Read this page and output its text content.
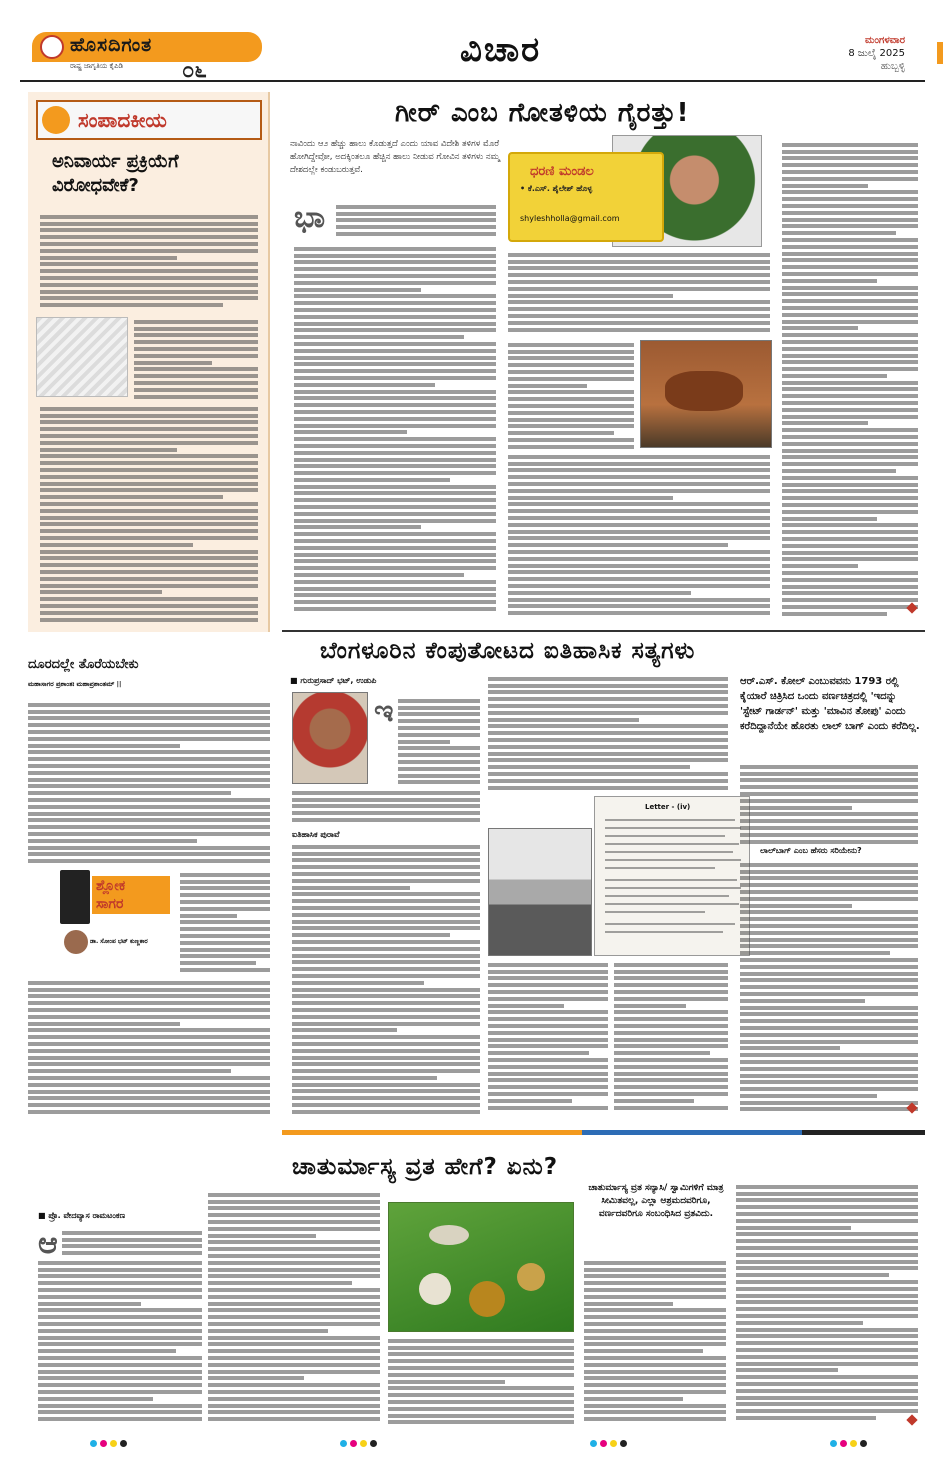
ಹೊಸದಿಗಂತ
ರಾಷ್ಟ್ರ ಜಾಗೃತಿಯ ಕೈಪಿಡಿ	೦೬
ವಿಚಾರ	ಮಂಗಳವಾರ
8 ಜುಲೈ 2025
ಹುಬ್ಬಳ್ಳಿ
ಸಂಪಾದಕೀಯ
ಅನಿವಾರ್ಯ ಪ್ರಕ್ರಿಯೆಗೆ ವಿರೋಧವೇಕೆ?
ಗೀರ್ ಎಂಬ ಗೋತಳಿಯ ಗೈರತ್ತು!
ನಾವಿಂದು ಆ೨ ಹೆಚ್ಚು ಹಾಲು ಕೊಡುತ್ತದೆ ಎಂದು ಯಾವ ವಿದೇಶಿ ತಳಿಗಳ ಮೊರೆ ಹೋಗಿದ್ದೇವೋ, ಅದಕ್ಕಿಂತಲೂ ಹೆಚ್ಚಿನ ಹಾಲು ನೀಡುವ ಗೋವಿನ ತಳಿಗಳು ನಮ್ಮ ದೇಶದಲ್ಲೇ ಕಂಡುಬರುತ್ತವೆ.	ಧರಣಿ ಮಂಡಲ
• ಕೆ.ಎಸ್. ಶೈಲೇಶ್ ಹೊಳ್ಳ
shyleshholla@gmail.com
ಭಾ
ದೂರದಲ್ಲೇ ತೊರೆಯಬೇಕು
ಮಹಾಸಾಗರ ಪ್ರಶಾಂತಃ ಮಹಾಪ್ರಶಾಂತಮ್ ||
ಶ್ಲೋಕ
ಸಾಗರ
ಡಾ. ಸೋಂಪ ಭಟ್ ಕುಣ್ಣಕಾರ
ಬೆಂಗಳೂರಿನ ಕೆಂಪುತೋಟದ ಐತಿಹಾಸಿಕ ಸತ್ಯಗಳು
■ ಗುರುಪ್ರಸಾದ್ ಭಟ್, ಉಡುಪಿ
ಇ
ಐತಿಹಾಸಿಕ ಪುರಾವೆ
Letter - (iv)
ಆರ್.ಎಸ್. ಕೋಲ್ ಎಂಬುವವನು 1793 ರಲ್ಲಿ ಕೈಯಾರೆ ಚಿತ್ರಿಸಿದ ಒಂದು ವರ್ಣಚಿತ್ರದಲ್ಲಿ 'ಇದನ್ನು 'ಸ್ಟೇಟ್ ಗಾರ್ಡನ್' ಮತ್ತು 'ಮಾವಿನ ತೋಪು' ಎಂದು ಕರೆದಿದ್ದಾನೆಯೇ ಹೊರತು ಲಾಲ್ ಬಾಗ್ ಎಂದು ಕರೆದಿಲ್ಲ.
ಲಾಲ್‌ಬಾಗ್ ಎಂಬ ಹೆಸರು ಸರಿಯೇನು?
ಚಾತುರ್ಮಾಸ್ಯ ವ್ರತ ಹೇಗೆ? ಏನು?
■ ಪ್ರೊ. ವೇದವ್ಯಾಸ ರಾಮಟಂಕಣ
ಆ
ಚಾತುರ್ಮಾಸ್ಯ ವ್ರತ ಸನ್ಯಾಸಿ/ ಸ್ವಾಮಿಗಳಿಗೆ ಮಾತ್ರ ಸೀಮಿತವಲ್ಲ, ಎಲ್ಲಾ ಆಶ್ರಮದವರಿಗೂ, ವರ್ಣದವರಿಗೂ ಸಂಬಂಧಿಸಿದ ವ್ರತವಿದು.
